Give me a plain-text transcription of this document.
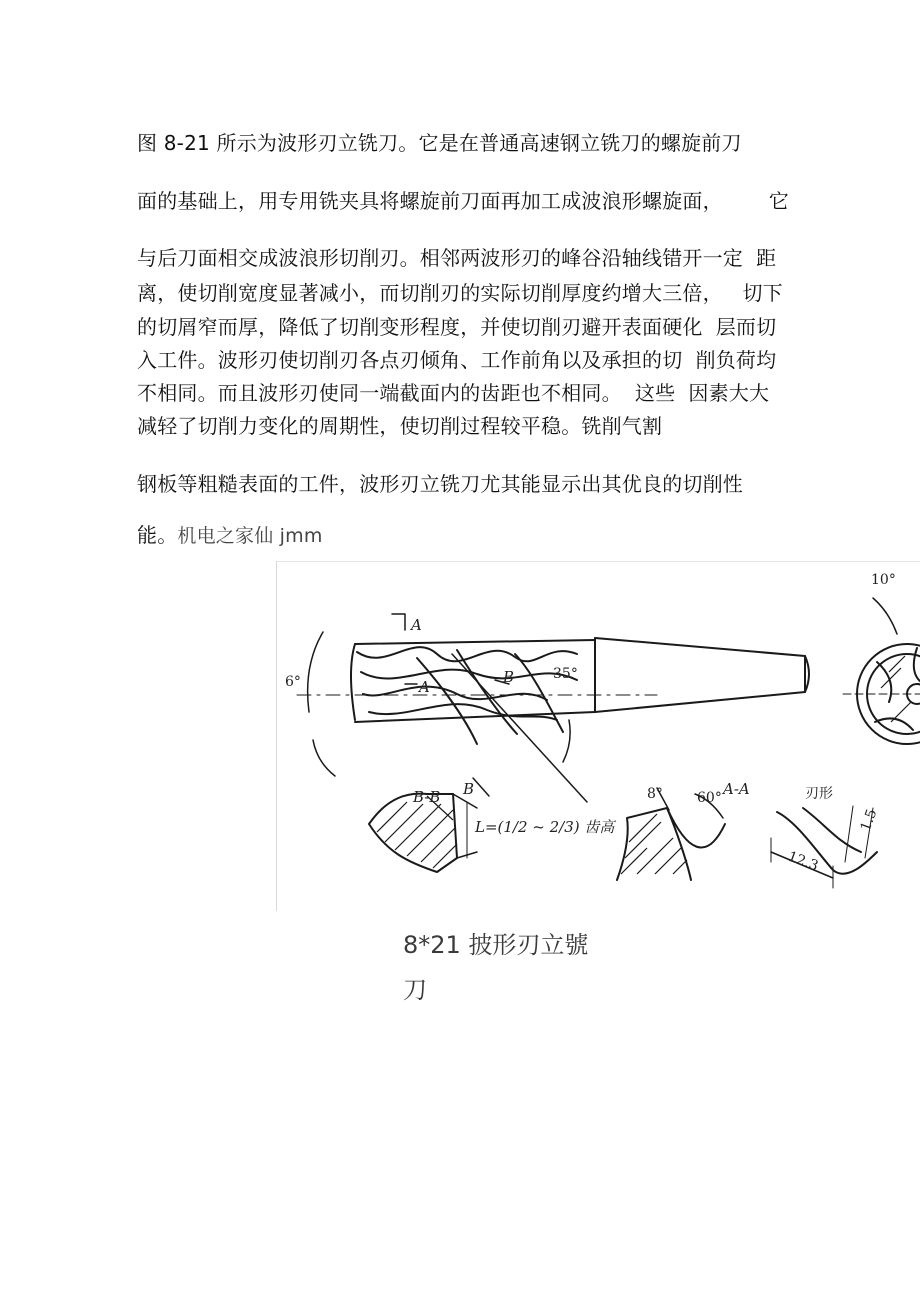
图 8-21 所示为波形刃立铣刀。它是在普通高速钢立铣刀的螺旋前刀
面的基础上，用专用铣夹具将螺旋前刀面再加工成波浪形螺旋面，       它
与后刀面相交成波浪形切削刃。相邻两波形刃的峰谷沿轴线错开一定  距
离，使切削宽度显著减小，而切削刃的实际切削厚度约增大三倍，   切下
的切屑窄而厚，降低了切削变形程度，并使切削刃避开表面硬化  层而切
入工件。波形刃使切削刃各点刃倾角、工作前角以及承担的切  削负荷均
不相同。而且波形刃使同一端截面内的齿距也不相同。  这些  因素大大
减轻了切削力变化的周期性，使切削过程较平稳。铣削气割
钢板等粗糙表面的工件，波形刃立铣刀尤其能显示出其优良的切削性
能。机电之家仙 jmm
10°
6°	35°
A
A
B
B
B-B	8°	A-A
60°	刃形
L=(1/2 ~ 2/3) 齿高
12.3
1.5
8*21 披形刃立號
刀
